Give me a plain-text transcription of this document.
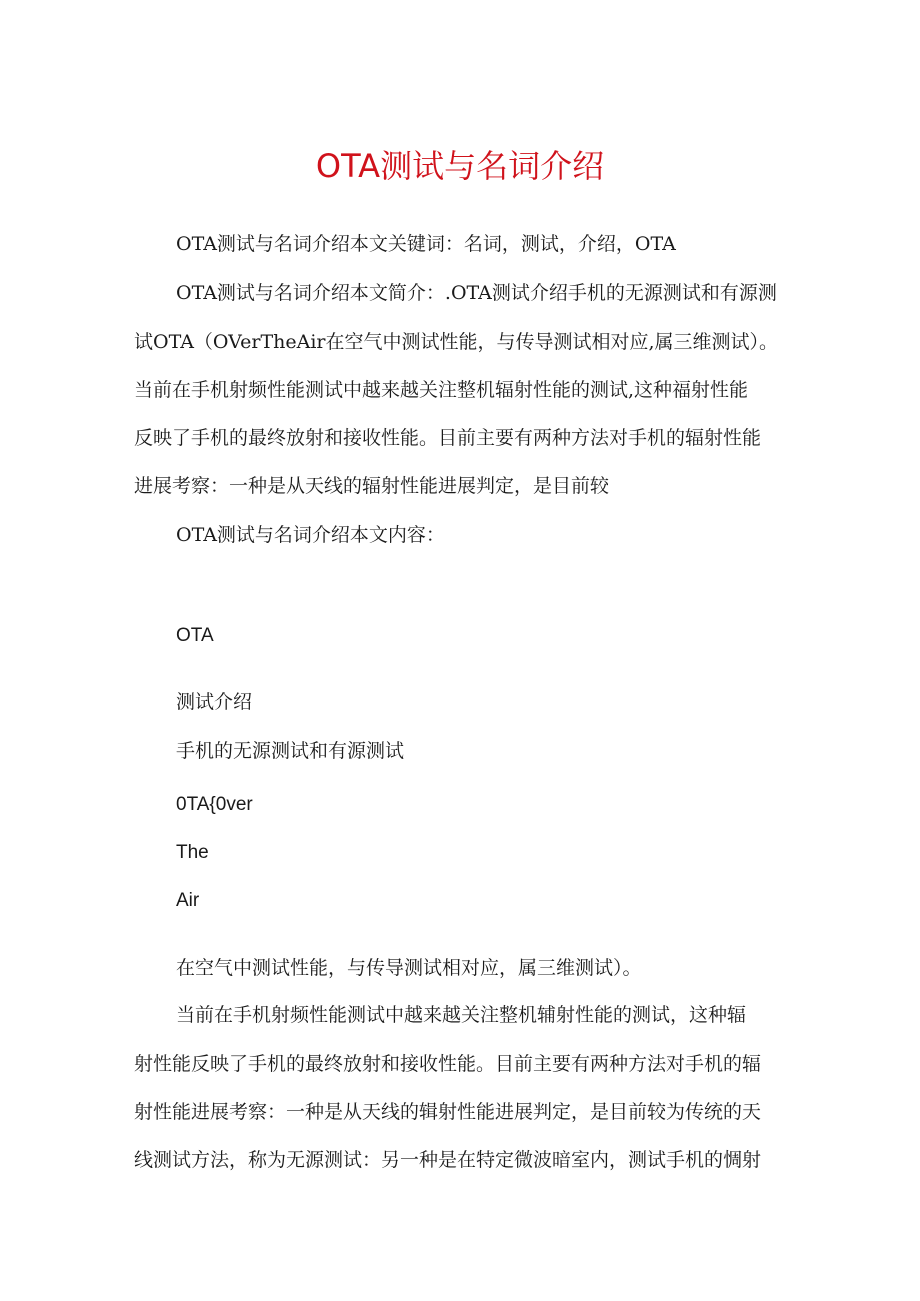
OTA测试与名词介绍
OTA测试与名词介绍本文关键词：名词，测试，介绍，OTA
OTA测试与名词介绍本文简介：.OTA测试介绍手机的无源测试和有源测
试OTA（OVerTheAir在空气中测试性能，与传导测试相对应,属三维测试）。
当前在手机射频性能测试中越来越关注整机辐射性能的测试,这种福射性能
反映了手机的最终放射和接收性能。目前主要有两种方法对手机的辐射性能
进展考察：一种是从天线的辐射性能进展判定，是目前较
OTA测试与名词介绍本文内容：
OTA
测试介绍
手机的无源测试和有源测试
0TA{0ver
The
Air
在空气中测试性能，与传导测试相对应，属三维测试）。
当前在手机射频性能测试中越来越关注整机辅射性能的测试，这种辐
射性能反映了手机的最终放射和接收性能。目前主要有两种方法对手机的辐
射性能进展考察：一种是从天线的辑射性能进展判定，是目前较为传统的天
线测试方法，称为无源测试：另一种是在特定微波暗室内，测试手机的惆射
